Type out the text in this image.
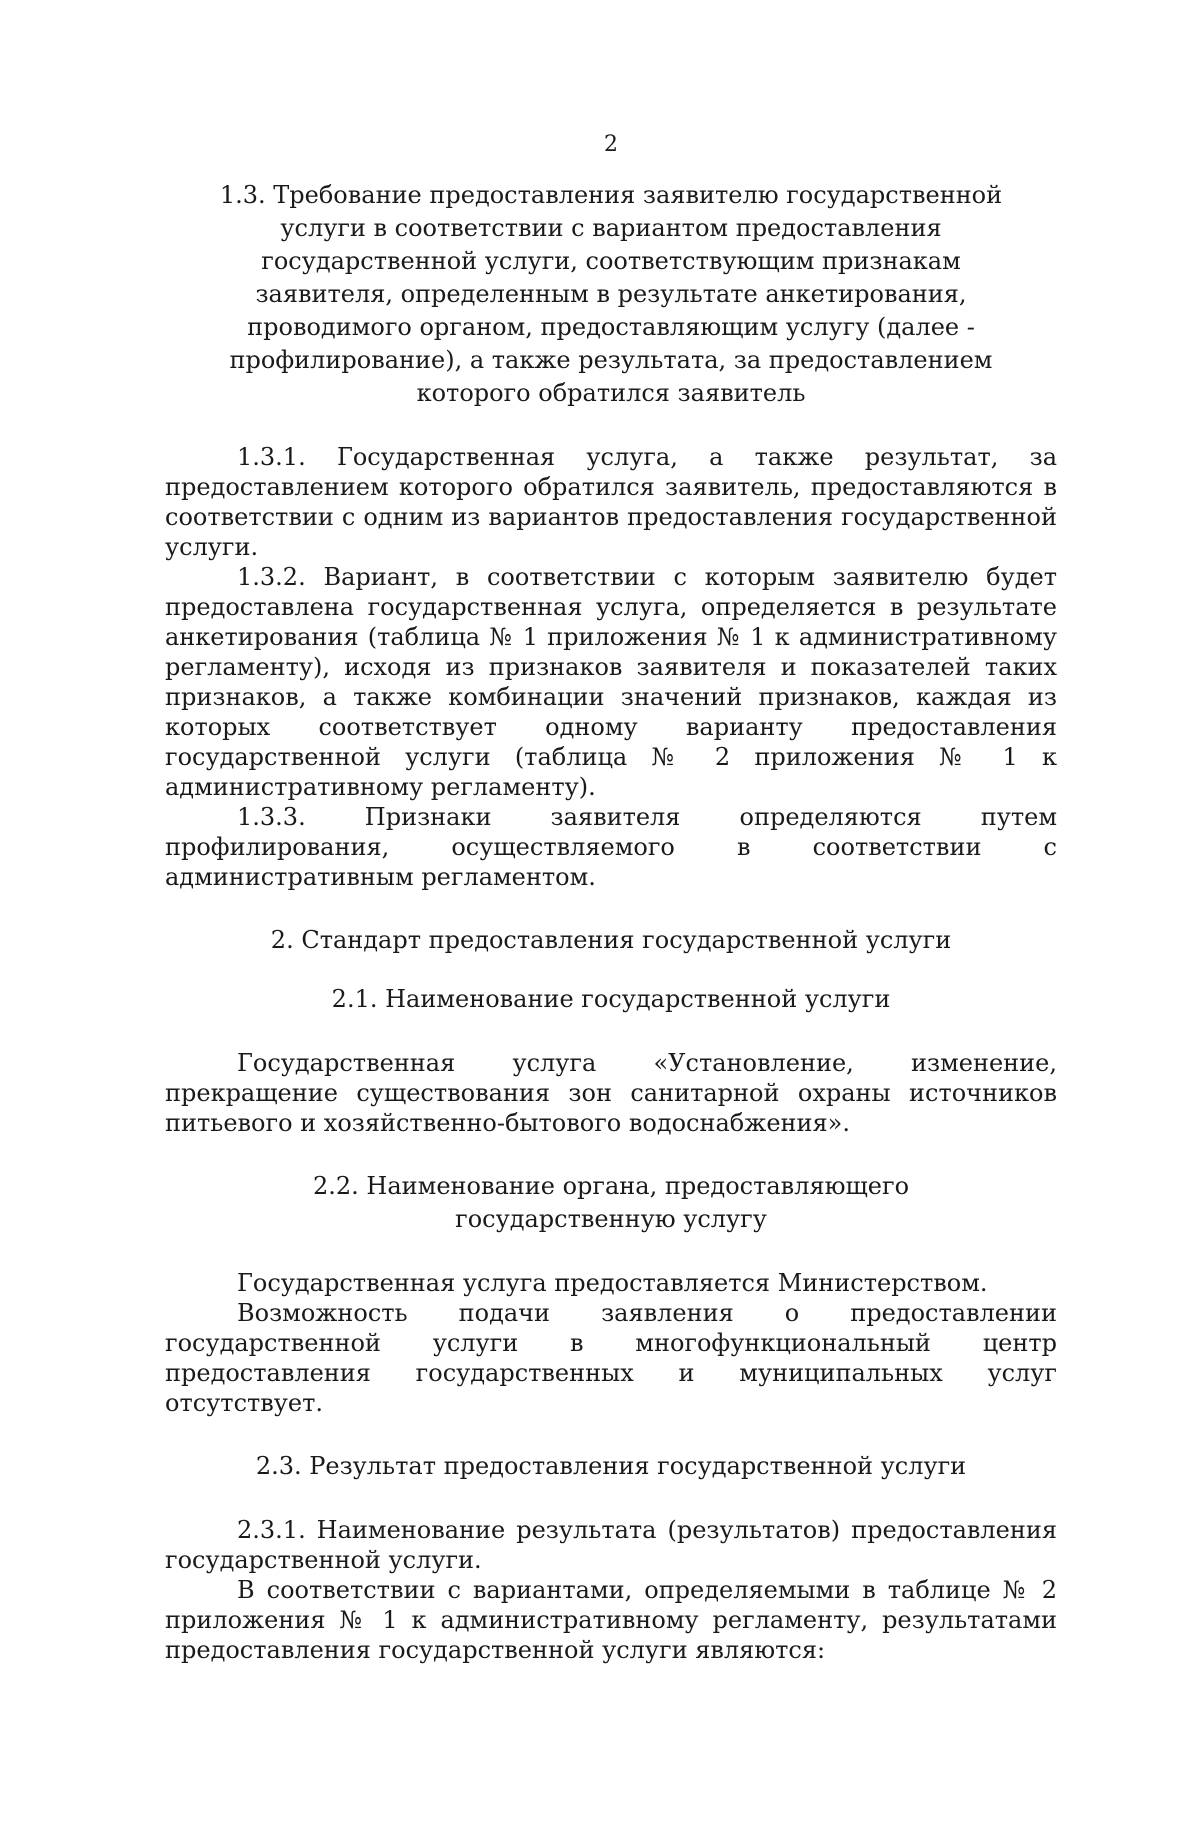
2
1.3. Требование предоставления заявителю государственной услуги в соответствии с вариантом предоставления государственной услуги, соответствующим признакам заявителя, определенным в результате анкетирования, проводимого органом, предоставляющим услугу (далее - профилирование), а также результата, за предоставлением которого обратился заявитель

1.3.1. Государственная услуга, а также результат, за предоставлением которого обратился заявитель, предоставляются в соответствии с одним из вариантов предоставления государственной услуги.

1.3.2. Вариант, в соответствии с которым заявителю будет предоставлена государственная услуга, определяется в результате анкетирования (таблица № 1 приложения № 1 к административному регламенту), исходя из признаков заявителя и показателей таких признаков, а также комбинации значений признаков, каждая из которых соответствует одному варианту предоставления государственной услуги (таблица № 2 приложения № 1 к административному регламенту).

1.3.3. Признаки заявителя определяются путем профилирования, осуществляемого в соответствии с административным регламентом.

2. Стандарт предоставления государственной услуги
2.1. Наименование государственной услуги

Государственная услуга «Установление, изменение, прекращение существования зон санитарной охраны источников питьевого и хозяйственно-бытового водоснабжения».

2.2. Наименование органа, предоставляющего
государственную услугу

Государственная услуга предоставляется Министерством.

Возможность подачи заявления о предоставлении государственной услуги в многофункциональный центр предоставления государственных и муниципальных услуг отсутствует.

2.3. Результат предоставления государственной услуги

2.3.1. Наименование результата (результатов) предоставления государственной услуги.

В соответствии с вариантами, определяемыми в таблице № 2 приложения № 1 к административному регламенту, результатами предоставления государственной услуги являются:
